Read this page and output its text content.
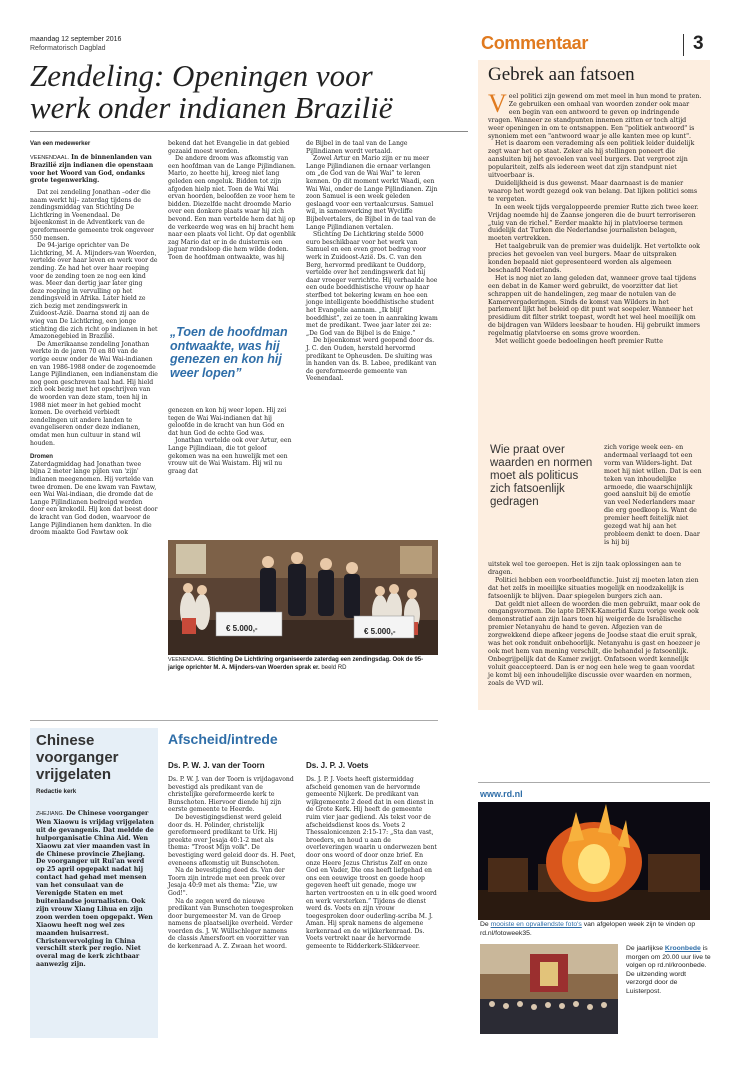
maandag 12 september 2016
Reformatorisch Dagblad	Commentaar	3
Zendeling: Openingen voor
werk onder indianen Brazilië

Van een medewerker

VEENENDAAL. In de binnenlanden van Brazilië zijn indianen die openstaan voor het Woord van God, ondanks grote tegenwerking.

Dat zei zendeling Jonathan –oder die naam werkt hij– zaterdag tijdens de zendingsmiddag van Stichting De Lichtkring in Veenendaal. De bijeenkomst in de Adventkerk van de gereformeerde gemeente trok ongeveer 550 mensen.

De 94-jarige oprichter van De Lichtkring, M. A. Mijnders-van Woerden, vertelde over haar leven en werk voor de zending. Ze had het over haar roeping voor de zending toen ze nog een kind was. Meer dan dertig jaar later ging deze roeping in vervulling op het zendingsveld in Afrika. Later hield ze zich bezig met zendingswerk in Zuidoost-Azië. Daarna stond zij aan de wieg van De Lichtkring, een jonge stichting die zich richt op indianen in het Amazonegebied in Brazilië.

De Amerikaanse zendeling Jonathan werkte in de jaren 70 en 80 van de vorige eeuw onder de Wai Wai-indianen en van 1986-1988 onder de zogenoemde Lange Pijlindianen, een indianenstam die nog geen geschreven taal had. Hij hield zich ook bezig met het opschrijven van de woorden van deze stam, toen hij in 1988 niet meer in het gebied mocht komen. De overheid verbiedt zendelingen uit andere landen te evangeliseren onder deze indianen, omdat men hun cultuur in stand wil houden.

Dromen

Zaterdagmiddag had Jonathan twee bijna 2 meter lange pijlen van 'zijn' indianen meegenomen. Hij vertelde van twee dromen. De ene kwam van Fawtaw, een Wai Wai-indiaan, die dromde dat de Lange Pijlindianen bedreigd werden door een krokodil. Hij kon dat beest door de kracht van God doden, waarvoor de Lange Pijlindianen hem dankten. In die droom maakte God Fawtaw ook

bekend dat het Evangelie in dat gebied gezaaid moest worden.

De andere droom was afkomstig van een hoofdman van de Lange Pijlindianen. Mario, zo heette hij, kreeg niet lang geleden een ongeluk. Bidden tot zijn afgoden hielp niet. Toen de Wai Wai ervan hoorden, beloofden ze voor hem te bidden. Diezelfde nacht droomde Mario over een donkere plaats waar hij zich bevond. Een man vertelde hem dat hij op de verkeerde weg was en hij bracht hem naar een plaats vol licht. Op dat ogenblik zag Mario dat er in de duisternis een jaguar rondsloop die hem wilde doden. Toen de hoofdman ontwaakte, was hij

„Toen de hoofdman ontwaakte, was hij genezen en kon hij weer lopen”

genezen en kon hij weer lopen. Hij zei tegen de Wai Wai-indianen dat hij geloofde in de kracht van hun God en dat hun God de echte God was.

Jonathan vertelde ook over Artur, een Lange Pijlindiaan, die tot geloof gekomen was na een huwelijk met een vrouw uit de Wai Waistam. Hij wil nu graag dat

de Bijbel in de taal van de Lange Pijlindianen wordt vertaald.

Zowel Artur en Mario zijn er nu meer Lange Pijlindianen die ernaar verlangen om „de God van de Wai Wai” te leren kennen. Op dit moment werkt Waadi, een Wai Wai, onder de Lange Pijlindianen. Zijn zoon Samuel is een week geleden geslaagd voor een vertaalcursus. Samuel wil, in samenwerking met Wycliffe Bijbelvertalers, de Bijbel in de taal van de Lange Pijlindianen vertalen.

Stichting De Lichtkring stelde 5000 euro beschikbaar voor het werk van Samuel en een even groot bedrag voor werk in Zuidoost-Azië. Ds. C. van den Berg, hervormd predikant te Ouddorp, vertelde over het zendingswerk dat hij daar vroeger verrichtte. Hij verhaalde hoe een oude boeddhistische vrouw op haar sterfbed tot bekering kwam en hoe een jonge intelligente boeddhistische student het Evangelie aannam. „Ik blijf boeddhist”, zei ze toen in aanraking kwam met de predikant. Twee jaar later zei ze: „De God van de Bijbel is de Enige.”

De bijeenkomst werd geopend door ds. J. C. den Ouden, hersteld hervormd predikant te Opheusden. De sluiting was in handen van ds. B. Labee, predikant van de gereformeerde gemeente van Veenendaal.

€ 5.000,-	€ 5.000,-
VEENENDAAL. Stichting De Lichtkring organiseerde zaterdag een zendingsdag. Ook de 95-jarige oprichter M. A. Mijnders-van Woerden sprak er. beeld RD
Gebrek aan fatsoen
V eel politici zijn gewend om met meel in hun mond te praten. Ze gebruiken een omhaal van woorden zonder ook maar een begin van een antwoord te geven op indringende vragen. Wanneer ze standpunten innemen zitten er toch altijd weer openingen in om te ontsnappen. Een "politiek antwoord" is synoniem met een "antwoord waar je alle kanten mee op kunt".

Het is daarom een verademing als een politiek leider duidelijk zegt waar het op staat. Zeker als hij stellingen poneert die aansluiten bij het gevoelen van veel burgers. Dat vergroot zijn populariteit, zelfs als iedereen weet dat zijn standpunt niet uitvoerbaar is.

Duidelijkheid is dus gewenst. Maar daarnaast is de manier waarop het wordt gezegd ook van belang. Dat lijken politici soms te vergeten.

In een week tijds vergaloppeerde premier Rutte zich twee keer. Vrijdag noemde hij de Zaanse jongeren die de buurt terroriseren „tuig van de richel.” Eerder maakte hij in platvloerse termen duidelijk dat Turken die Nederlandse journalisten belagen, moeten vertrekken.

Het taalgebruik van de premier was duidelijk. Het vertolkte ook precies het gevoelen van veel burgers. Maar de uitspraken konden bepaald niet gepresenteerd worden als algemeen beschaafd Nederlands.

Het is nog niet zo lang geleden dat, wanneer grove taal tijdens een debat in de Kamer werd gebruikt, de voorzitter dat liet schrappen uit de handelingen, zeg maar de notulen van de Kamervergaderingen. Sinds de komst van Wilders in het parlement lijkt het beleid op dit punt wat soepeler. Wanneer het presidium dit filter strikt toepast, wordt het wel heel moeilijk om de bijdragen van Wilders leesbaar te houden. Hij gebruikt immers regelmatig platvloerse en soms grove woorden.

Met wellicht goede bedoelingen heeft premier Rutte

Wie praat over waarden en normen moet als politicus zich fatsoenlijk gedragen
zich vorige week een- en andermaal verlaagd tot een vorm van Wilders-light. Dat moet hij niet willen. Dat is een teken van inhoudelijke armoede, die waarschijnlijk goed aansluit bij de emotie van veel Nederlanders maar die erg goedkoop is. Want de premier heeft feitelijk niet gezegd wat hij aan het probleem denkt te doen. Daar is hij bij

uitstek wel toe geroepen. Het is zijn taak oplossingen aan te dragen.

Politici hebben een voorbeeldfunctie. Juist zij moeten laten zien dat het zelfs in moeilijke situaties mogelijk en noodzakelijk is fatsoenlijk te blijven. Daar spiegelen burgers zich aan.

Dat geldt niet alleen de woorden die men gebruikt, maar ook de omgangsvormen. Die lapte DENK-Kamerlid Kuzu vorige week ook demonstratief aan zijn laars toen hij weigerde de Israëlische premier Netanyahu de hand te geven. Afgezien van de zorgwekkend diepe afkeer jegens de Joodse staat die eruit sprak, was het ook ronduit onbehoorlijk. Netanyahu is gast en hoezeer je ook met hem van mening verschilt, die behandel je fatsoenlijk. Onbegrijpelijk dat de Kamer zwijgt. Onfatsoen wordt kennelijk voluit geaccepteerd. Dan is er nog een hele weg te gaan voordat je komt bij een inhoudelijke discussie over waarden en normen, zoals de VVD wil.

Chinese voorganger vrijgelaten
Redactie kerk
ZHEJIANG. De Chinese voorganger Wen Xiaowu is vrijdag vrijgelaten uit de gevangenis. Dat meldde de hulporganisatie China Aid. Wen Xiaowu zat vier maanden vast in de Chinese provincie Zhejiang. De voorganger uit Rui'an werd op 25 april opgepakt nadat hij contact had gehad met mensen van het consulaat van de Verenigde Staten en met buitenlandse journalisten. Ook zijn vrouw Xiang Lihua en zijn zoon werden toen opgepakt. Wen Xiaowu heeft nog wel zes maanden huisarrest. Christenvervolging in China verschilt sterk per regio. Niet overal mag de kerk zichtbaar aanwezig zijn.
Afscheid/intrede
Ds. P. W. J. van der Toorn

Ds. P. W. J. van der Toorn is vrijdagavond bevestigd als predikant van de christelijke gereformeerde kerk te Bunschoten. Hiervoor diende hij zijn eerste gemeente te Heerde.

De bevestigingsdienst werd geleid door ds. H. Polinder, christelijk gereformeerd predikant te Urk. Hij preekte over Jesaja 40:1-2 met als thema: "Troost Mijn volk". De bevestiging werd geleid door ds. H. Peet, eveneens afkomstig uit Bunschoten.

Na de bevestiging deed ds. Van der Toorn zijn intrede met een preek over Jesaja 40:9 met als thema: "Zie, uw God!".

Na de zegen werd de nieuwe predikant van Bunschoten toegesproken door burgemeester M. van de Groep namens de plaatselijke overheid. Verder voerden ds. J. W. Wüllschleger namens de classis Amersfoort en voorzitter van de kerkenraad A. Z. Zwaan het woord.

Ds. J. P. J. Voets

Ds. J. P. J. Voets heeft gistermiddag afscheid genomen van de hervormde gemeente Nijkerk. De predikant van wijkgemeente 2 deed dat in een dienst in de Grote Kerk. Hij heeft de gemeente ruim vier jaar gediend. Als tekst voor de afscheidsdienst koos ds. Voets 2 Thessalonicenzen 2:15-17: „Sta dan vast, broeders, en houd u aan de overleveringen waarin u onderwezen bent door ons woord of door onze brief. En onze Heere Jezus Christus Zelf en onze God en Vader, Die ons heeft liefgehad en ons een eeuwige troost en goede hoop gegeven heeft uit genade, moge uw harten vertroosten en u in elk goed woord en werk versterken.” Tijdens de dienst werd ds. Voets en zijn vrouw toegesproken door ouderling-scriba M. J. Aman. Hij sprak namens de algemene kerkenraad en de wijkkerkenraad. Ds. Voets vertrekt naar de hervormde gemeente te Ridderkerk-Slikkerveer.

www.rd.nl
De mooiste en opvallendste foto's van afgelopen week zijn te vinden op rd.nl/fotoweek35.
De jaarlijkse Kroonbede is morgen om 20.00 uur live te volgen op rd.nl/kroonbede. De uitzending wordt verzorgd door de Luisterpost.
